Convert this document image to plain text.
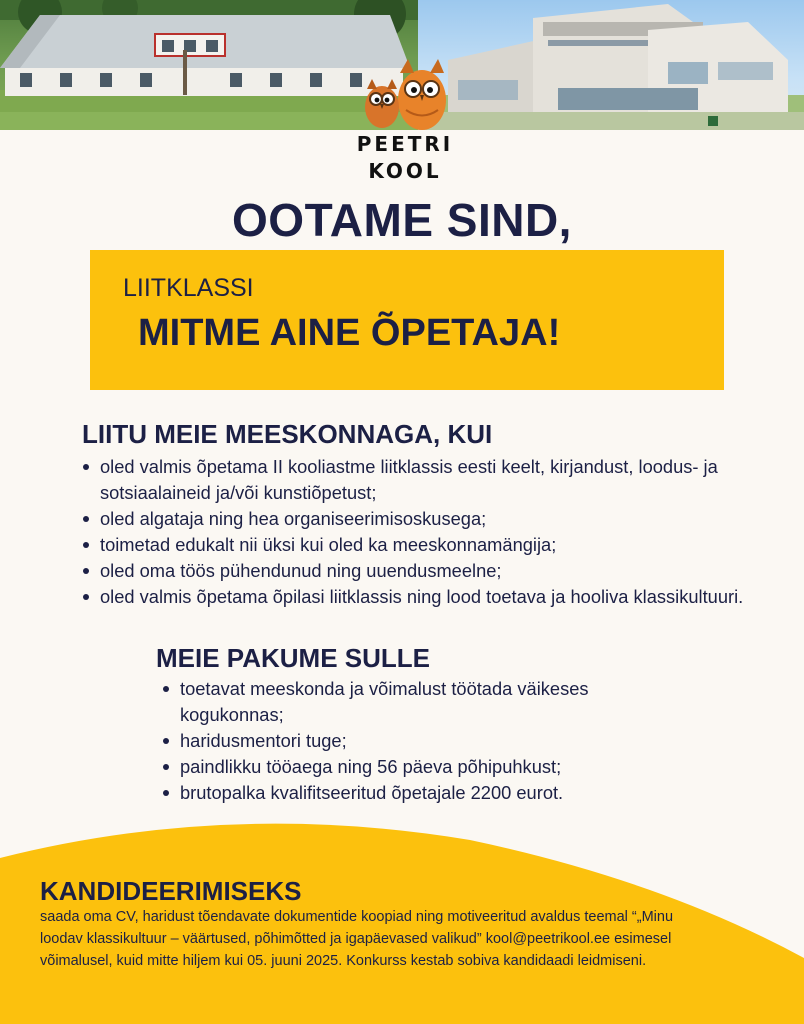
PEETRI
KOOL
OOTAME SIND,
LIITKLASSI
MITME AINE ÕPETAJA!
LIITU MEIE MEESKONNAGA, KUI
oled valmis õpetama II kooliastme liitklassis eesti keelt, kirjandust, loodus- ja sotsiaalaineid ja/või kunstiõpetust;
oled algataja ning hea organiseerimisoskusega;
toimetad edukalt nii üksi kui oled ka meeskonnamängija;
oled oma töös pühendunud ning uuendusmeelne;
oled valmis õpetama õpilasi liitklassis ning lood toetava ja hooliva klassikultuuri.
MEIE PAKUME SULLE
toetavat meeskonda ja võimalust töötada väikeses kogukonnas;
haridusmentori tuge;
paindlikku tööaega ning 56 päeva põhipuhkust;
brutopalka kvalifitseeritud õpetajale 2200 eurot.
KANDIDEERIMISEKS

saada oma CV, haridust tõendavate dokumentide koopiad ning motiveeritud avaldus teemal “„Minu loodav klassikultuur – väärtused, põhimõtted ja igapäevased valikud” kool@peetrikool.ee esimesel võimalusel, kuid mitte hiljem kui 05. juuni 2025. Konkurss kestab sobiva kandidaadi leidmiseni.
